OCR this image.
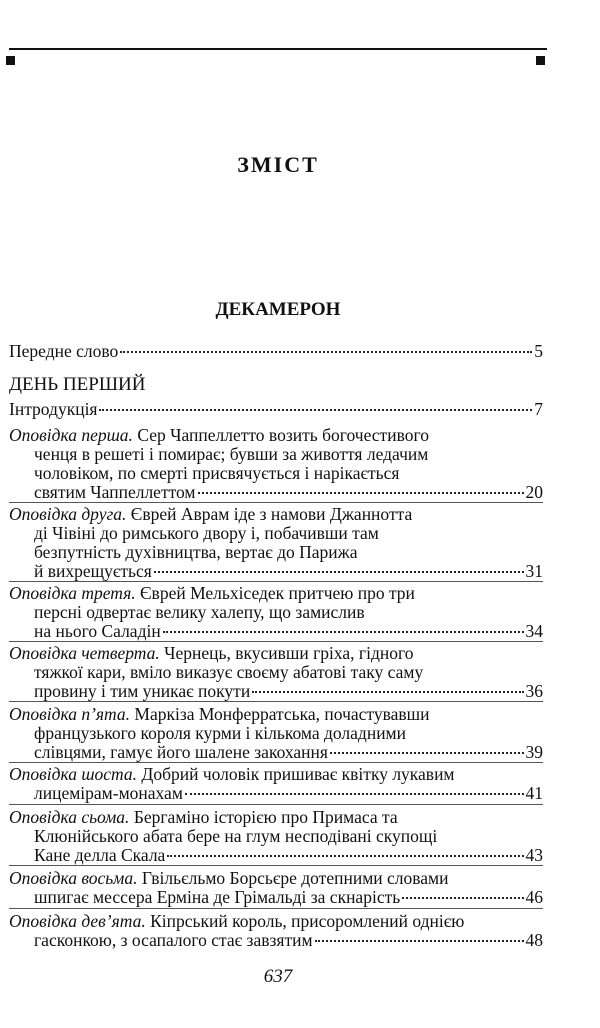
ЗМІСТ
ДЕКАМЕРОН
Передне слово	5
ДЕНЬ ПЕРШИЙ
Інтродукція	7
Оповідка перша. Сер Чаппеллетто возить богочестивого
ченця в решеті і помирає; бувши за живоття ледачим
чоловіком, по смерті присвячується і нарікається
святим Чаппеллеттом	20
Оповідка друга. Єврей Аврам іде з намови Джаннотта
ді Чівіні до римського двору і, побачивши там
безпутність духівництва, вертає до Парижа
й вихрещується	31
Оповідка третя. Єврей Мельхіседек притчею про три
персні одвертає велику халепу, що замислив
на нього Саладін	34
Оповідка четверта. Чернець, вкусивши гріха, гідного
тяжкої кари, вміло виказує своєму абатові таку саму
провину і тим уникає покути	36
Оповідка п’ята. Маркіза Монферратська, почастувавши
французького короля курми і кількома доладними
слівцями, гамує його шалене закохання	39
Оповідка шоста. Добрий чоловік пришиває квітку лукавим
лицемірам-монахам	41
Оповідка сьома. Бергаміно історією про Примаса та
Клюнійського абата бере на глум несподівані скупощі
Кане делла Скала	43
Оповідка восьма. Гвільєльмо Борсьєре дотепними словами
шпигає мессера Ерміна де Грімальді за скнарість	46
Оповідка дев’ята. Кіпрський король, присоромлений однією
гасконкою, з осапалого стає завзятим	48
637
